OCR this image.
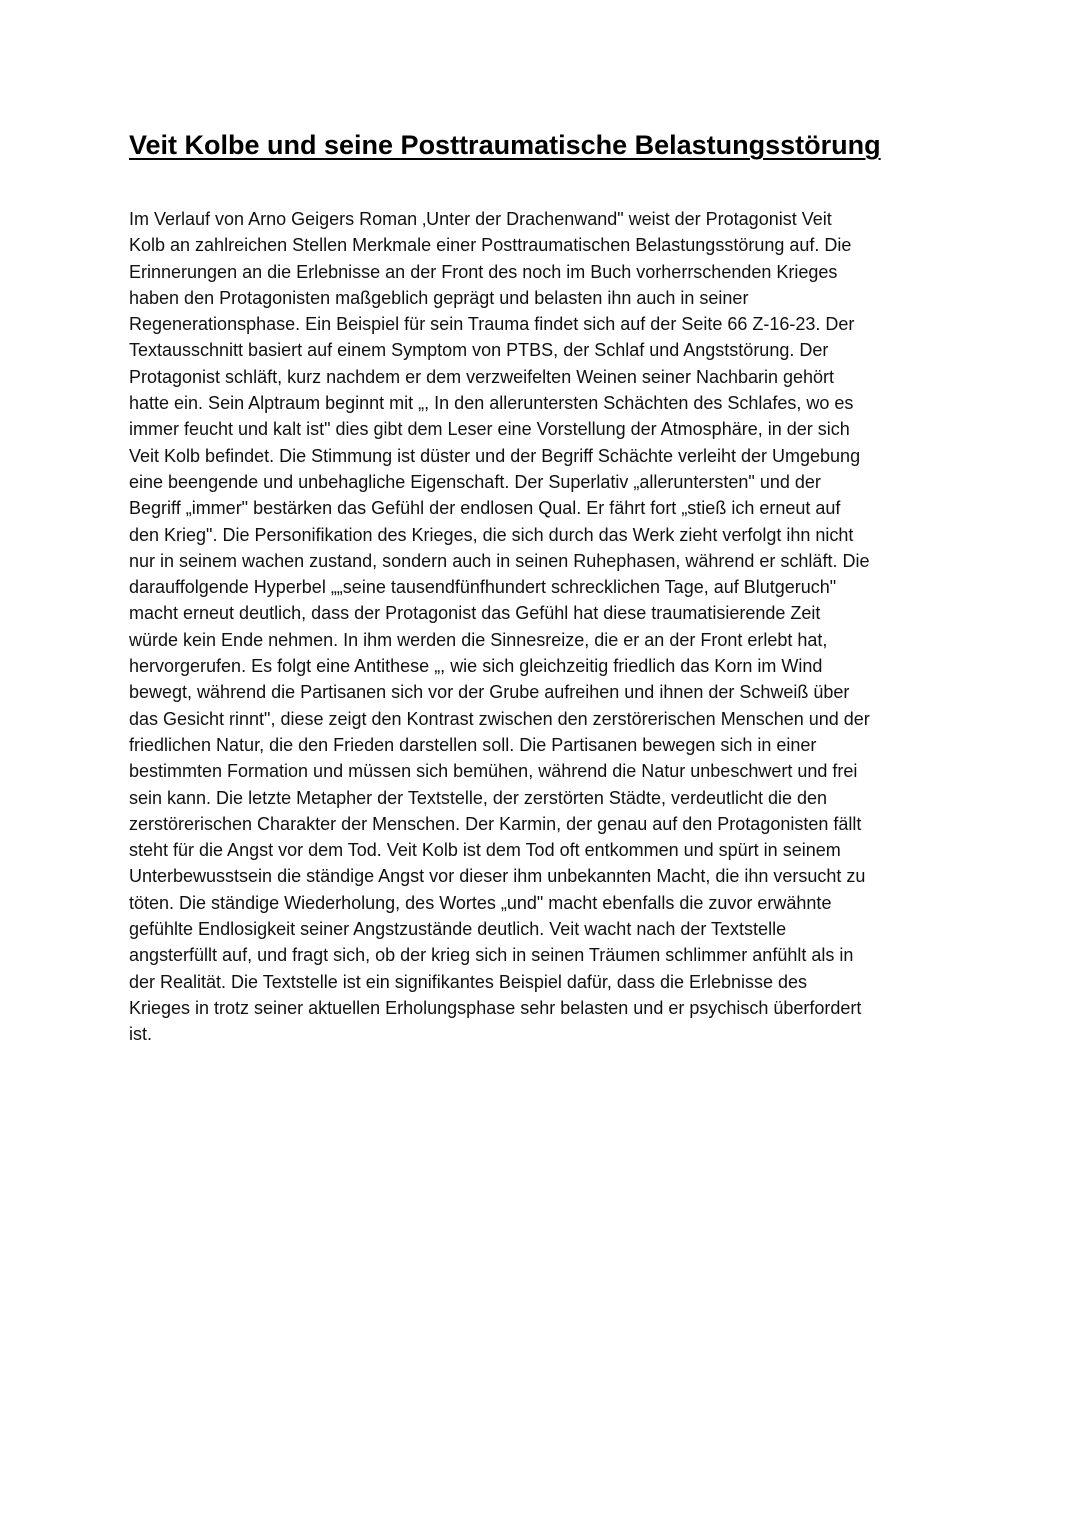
Veit Kolbe und seine Posttraumatische Belastungsstörung
Im Verlauf von Arno Geigers Roman ‚Unter der Drachenwand" weist der Protagonist Veit
Kolb an zahlreichen Stellen Merkmale einer Posttraumatischen Belastungsstörung auf. Die
Erinnerungen an die Erlebnisse an der Front des noch im Buch vorherrschenden Krieges
haben den Protagonisten maßgeblich geprägt und belasten ihn auch in seiner
Regenerationsphase. Ein Beispiel für sein Trauma findet sich auf der Seite 66 Z-16-23. Der
Textausschnitt basiert auf einem Symptom von PTBS, der Schlaf und Angststörung. Der
Protagonist schläft, kurz nachdem er dem verzweifelten Weinen seiner Nachbarin gehört
hatte ein. Sein Alptraum beginnt mit „, In den alleruntersten Schächten des Schlafes, wo es
immer feucht und kalt ist" dies gibt dem Leser eine Vorstellung der Atmosphäre, in der sich
Veit Kolb befindet. Die Stimmung ist düster und der Begriff Schächte verleiht der Umgebung
eine beengende und unbehagliche Eigenschaft. Der Superlativ „alleruntersten" und der
Begriff „immer" bestärken das Gefühl der endlosen Qual. Er fährt fort „stieß ich erneut auf
den Krieg". Die Personifikation des Krieges, die sich durch das Werk zieht verfolgt ihn nicht
nur in seinem wachen zustand, sondern auch in seinen Ruhephasen, während er schläft. Die
darauffolgende Hyperbel „„seine tausendfünfhundert schrecklichen Tage, auf Blutgeruch"
macht erneut deutlich, dass der Protagonist das Gefühl hat diese traumatisierende Zeit
würde kein Ende nehmen. In ihm werden die Sinnesreize, die er an der Front erlebt hat,
hervorgerufen. Es folgt eine Antithese „, wie sich gleichzeitig friedlich das Korn im Wind
bewegt, während die Partisanen sich vor der Grube aufreihen und ihnen der Schweiß über
das Gesicht rinnt", diese zeigt den Kontrast zwischen den zerstörerischen Menschen und der
friedlichen Natur, die den Frieden darstellen soll. Die Partisanen bewegen sich in einer
bestimmten Formation und müssen sich bemühen, während die Natur unbeschwert und frei
sein kann. Die letzte Metapher der Textstelle, der zerstörten Städte, verdeutlicht die den
zerstörerischen Charakter der Menschen. Der Karmin, der genau auf den Protagonisten fällt
steht für die Angst vor dem Tod. Veit Kolb ist dem Tod oft entkommen und spürt in seinem
Unterbewusstsein die ständige Angst vor dieser ihm unbekannten Macht, die ihn versucht zu
töten. Die ständige Wiederholung, des Wortes „und" macht ebenfalls die zuvor erwähnte
gefühlte Endlosigkeit seiner Angstzustände deutlich. Veit wacht nach der Textstelle
angsterfüllt auf, und fragt sich, ob der krieg sich in seinen Träumen schlimmer anfühlt als in
der Realität. Die Textstelle ist ein signifikantes Beispiel dafür, dass die Erlebnisse des
Krieges in trotz seiner aktuellen Erholungsphase sehr belasten und er psychisch überfordert
ist.
